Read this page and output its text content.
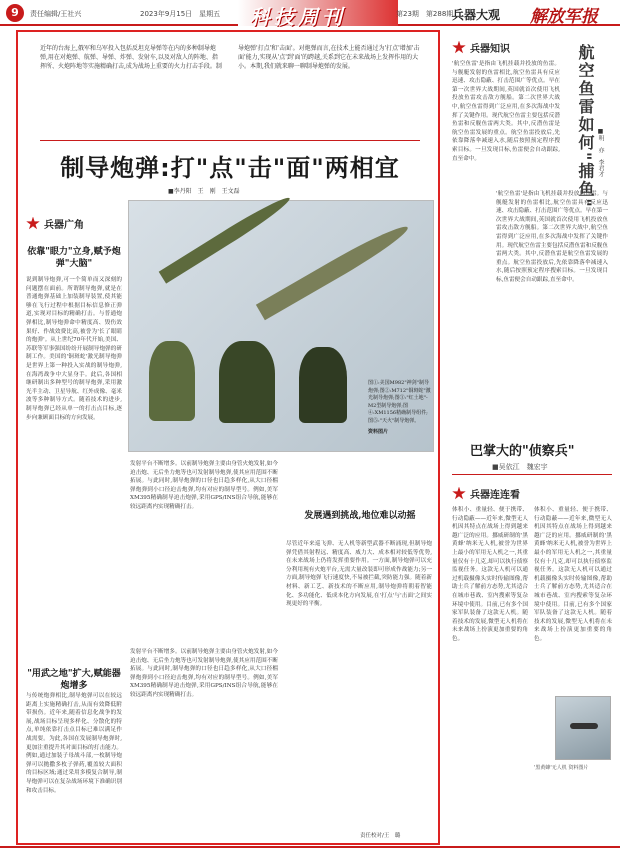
9	责任编辑/王社兴	2023年9月15日　星期五 科技周刊	第23期　第288期
兵器大观 解放军报
近年的台海上,俄军和乌军投入包括反坦克导弹等在内的多种制导炮弹,用在对炮弹、航弹、导弹、炸弹、发射车,以及对敌人的阵地、指挥所、火炮阵地等实施精确打击,成为战场上重要的火力打击手段。制导炮弹'打点'和'击面'。对炮弹而言,在技术上能否通过为'打点'增加'击面'能力,实现从'点'到'面'的跨越,关系到它在未来战场上发挥作用的大小。本期,我们就来聊一聊制导炮弹的发展。
制导炮弹:打"点"击"面"两相宜
■李丹阳　王　刚　王文磊
兵器广角
依靠"眼力"立身,赋予炮弹"大脑"
说到制导炮弹,可一个简单而又深刻的问题摆在面前。所谓制导炮弹,就是在普通炮弹基础上加装制导装置,使其能够在飞行过程中根据目标信息修正弹道,实现对目标的精确打击。与普通炮弹相比,制导炮弹命中精度高、毁伤效果好、作战效费比高,被誉为'长了眼睛的炮弹'。从上世纪70年代开始,美国、苏联等军事强国纷纷开展制导炮弹的研制工作。美国的'铜斑蛇'激光制导炮弹是世界上第一种投入实战的制导炮弹,在海湾战争中大显身手。此后,各国相继研制出多种型号的制导炮弹,采用激光半主动、卫星导航、红外成像、毫米波等多种制导方式。随着技术的进步,制导炮弹已经从单一的打击点目标,逐步向兼顾面目标的方向发展。
"用武之地"扩大,赋能器炮增多
与传统炮弹相比,制导炮弹可以在较远距离上实施精确打击,从而有效降低附带损伤。近年来,随着信息化战争的发展,战场目标呈现多样化、分散化的特点,单纯依靠打击点目标已难以满足作战需要。为此,各国在发展制导炮弹时,更加注重提升其对面目标的打击能力。例如,通过加装子母战斗部,一枚制导炮弹可以抛撒多枚子弹药,覆盖较大面积的目标区域;通过采用多模复合制导,制导炮弹可以在复杂战场环境下准确识别和攻击目标。
图①:美国M982"神剑"制导炮弹;图②:M712"铜斑蛇"激光制导炮弹;图③:"红土地"-M2型制导炮弹;图④:XM1156精确制导组件;图⑤:"天火"制导炮弹。
资料图片
发射平台不断增多。以前制导炮弹主要由身管火炮发射,如今迫击炮、无后坐力炮等也可发射制导炮弹,使其应用范围不断拓展。与此同时,制导炮弹的口径也日趋多样化,从大口径榴弹炮弹到小口径迫击炮弹,均有对应的制导型号。例如,美军XM395精确制导迫击炮弹,采用GPS/INS组合导航,能够在较远距离内实现精确打击。
发展遇到挑战,地位难以动摇
尽管近年来巡飞弹、无人机等新型武器不断涌现,但制导炮弹凭借其射程远、精度高、威力大、成本相对较低等优势,在未来战场上仍将发挥重要作用。一方面,制导炮弹可以充分利用现有火炮平台,无需大量改装即可形成作战能力;另一方面,制导炮弹飞行速度快,不易被拦截,突防能力强。随着新材料、新工艺、新技术的不断应用,制导炮弹将朝着智能化、多功能化、低成本化方向发展,在'打点'与'击面'之间实现更好的平衡。
发射平台不断增多。以前制导炮弹主要由身管火炮发射,如今迫击炮、无后坐力炮等也可发射制导炮弹,使其应用范围不断拓展。与此同时,制导炮弹的口径也日趋多样化,从大口径榴弹炮弹到小口径迫击炮弹,均有对应的制导型号。例如,美军XM395精确制导迫击炮弹,采用GPS/INS组合导航,能够在较远距离内实现精确打击。
兵器知识	航空鱼雷如何"捕鱼" ■明　亦　李君才
'航空鱼雷'是指由飞机挂载并投放的鱼雷。与舰艇发射的鱼雷相比,航空鱼雷具有反应迅速、攻击隐蔽、打击范围广等优点。早在第一次世界大战期间,英国就首次使用飞机投放鱼雷攻击敌方舰船。第二次世界大战中,航空鱼雷得到广泛应用,在多次海战中发挥了关键作用。现代航空鱼雷主要包括反潜鱼雷和反舰鱼雷两大类。其中,反潜鱼雷是航空鱼雷发展的重点。航空鱼雷投放后,先依靠降落伞减速入水,随后按照预定程序搜索目标。一旦发现目标,鱼雷便会自动跟踪,直至命中。
'航空鱼雷'是指由飞机挂载并投放的鱼雷。与舰艇发射的鱼雷相比,航空鱼雷具有反应迅速、攻击隐蔽、打击范围广等优点。早在第一次世界大战期间,英国就首次使用飞机投放鱼雷攻击敌方舰船。第二次世界大战中,航空鱼雷得到广泛应用,在多次海战中发挥了关键作用。现代航空鱼雷主要包括反潜鱼雷和反舰鱼雷两大类。其中,反潜鱼雷是航空鱼雷发展的重点。航空鱼雷投放后,先依靠降落伞减速入水,随后按照预定程序搜索目标。一旦发现目标,鱼雷便会自动跟踪,直至命中。
巴掌大的"侦察兵"
■吴依江　魏宏宇
兵器连连看
体积小、重量轻、便于携带、行动隐蔽——近年来,微型无人机因其特点在战场上得到越来越广泛的应用。挪威研制的'黑黄蜂'纳米无人机,被誉为世界上最小的军用无人机之一,其重量仅有十几克,却可以执行侦察监视任务。这款无人机可以通过机载摄像头实时传输图像,帮助士兵了解前方态势,尤其适合在城市巷战、室内搜索等复杂环境中使用。目前,已有多个国家军队装备了这款无人机。随着技术的发展,微型无人机将在未来战场上扮演更加重要的角色。
体积小、重量轻、便于携带、行动隐蔽——近年来,微型无人机因其特点在战场上得到越来越广泛的应用。挪威研制的'黑黄蜂'纳米无人机,被誉为世界上最小的军用无人机之一,其重量仅有十几克,却可以执行侦察监视任务。这款无人机可以通过机载摄像头实时传输图像,帮助士兵了解前方态势,尤其适合在城市巷战、室内搜索等复杂环境中使用。目前,已有多个国家军队装备了这款无人机。随着技术的发展,微型无人机将在未来战场上扮演更加重要的角色。
'黑黄蜂'无人机 资料图片
责任校对/王　璐
